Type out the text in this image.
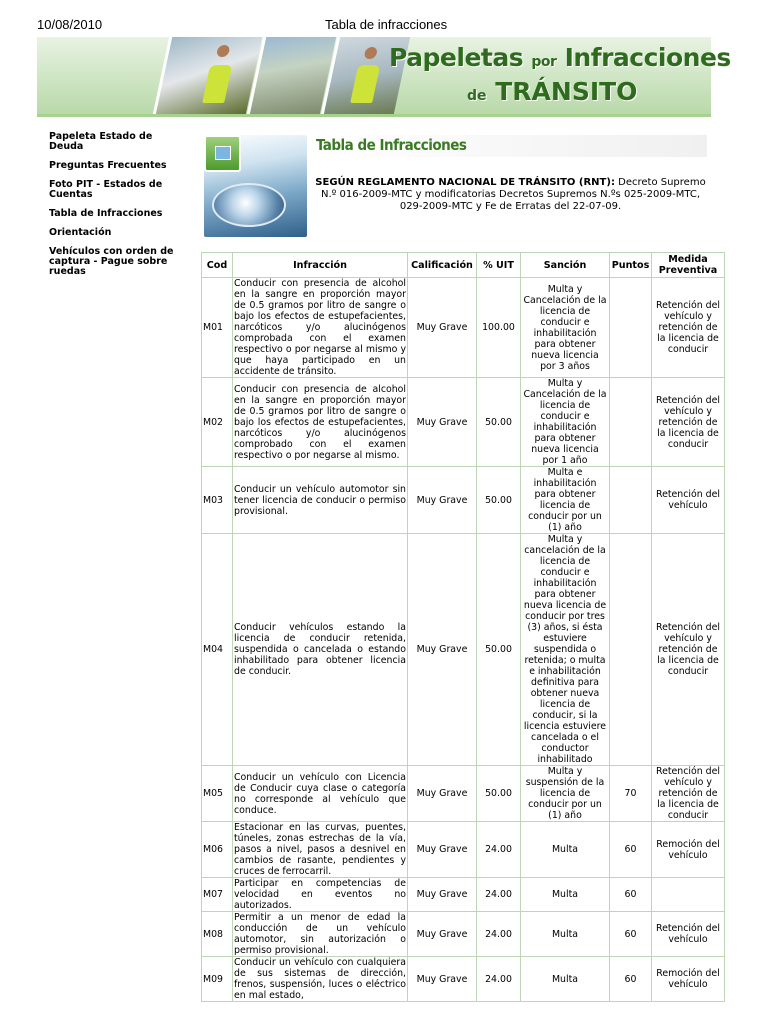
10/08/2010	Tabla de infracciones
Papeletas por Infracciones
de TRÁNSITO
Papeleta Estado de Deuda
Preguntas Frecuentes
Foto PIT - Estados de Cuentas
Tabla de Infracciones
Orientación
Vehículos con orden de captura - Pague sobre ruedas
Tabla de Infracciones
SEGÚN REGLAMENTO NACIONAL DE TRÁNSITO (RNT): Decreto Supremo N.º 016-2009-MTC y modificatorias Decretos Supremos N.ºs 025-2009-MTC, 029-2009-MTC y Fe de Erratas del 22-07-09.
Cod	Infracción	Calificación	% UIT	Sanción	Puntos	Medida Preventiva
M01	Conducir con presencia de alcohol en la sangre en proporción mayor de 0.5 gramos por litro de sangre o bajo los efectos de estupefacientes, narcóticos y/o alucinógenos comprobada con el examen respectivo o por negarse al mismo y que haya participado en un accidente de tránsito.	Muy Grave	100.00	Multa y Cancelación de la licencia de conducir e inhabilitación para obtener nueva licencia por 3 años		Retención del vehículo y retención de la licencia de conducir
M02	Conducir con presencia de alcohol en la sangre en proporción mayor de 0.5 gramos por litro de sangre o bajo los efectos de estupefacientes, narcóticos y/o alucinógenos comprobado con el examen respectivo o por negarse al mismo.	Muy Grave	50.00	Multa y Cancelación de la licencia de conducir e inhabilitación para obtener nueva licencia por 1 año		Retención del vehículo y retención de la licencia de conducir
M03	Conducir un vehículo automotor sin tener licencia de conducir o permiso provisional.	Muy Grave	50.00	Multa e inhabilitación para obtener licencia de conducir por un (1) año		Retención del vehículo
M04	Conducir vehículos estando la licencia de conducir retenida, suspendida o cancelada o estando inhabilitado para obtener licencia de conducir.	Muy Grave	50.00	Multa y cancelación de la licencia de conducir e inhabilitación para obtener nueva licencia de conducir por tres (3) años, si ésta estuviere suspendida o retenida; o multa e inhabilitación definitiva para obtener nueva licencia de conducir, si la licencia estuviere cancelada o el conductor inhabilitado		Retención del vehículo y retención de la licencia de conducir
M05	Conducir un vehículo con Licencia de Conducir cuya clase o categoría no corresponde al vehículo que conduce.	Muy Grave	50.00	Multa y suspensión de la licencia de conducir por un (1) año	70	Retención del vehículo y retención de la licencia de conducir
M06	Estacionar en las curvas, puentes, túneles, zonas estrechas de la vía, pasos a nivel, pasos a desnivel en cambios de rasante, pendientes y cruces de ferrocarril.	Muy Grave	24.00	Multa	60	Remoción del vehículo
M07	Participar en competencias de velocidad en eventos no autorizados.	Muy Grave	24.00	Multa	60	
M08	Permitir a un menor de edad la conducción de un vehículo automotor, sin autorización o permiso provisional.	Muy Grave	24.00	Multa	60	Retención del vehículo
M09	Conducir un vehículo con cualquiera de sus sistemas de dirección, frenos, suspensión, luces o eléctrico en mal estado,	Muy Grave	24.00	Multa	60	Remoción del vehículo
